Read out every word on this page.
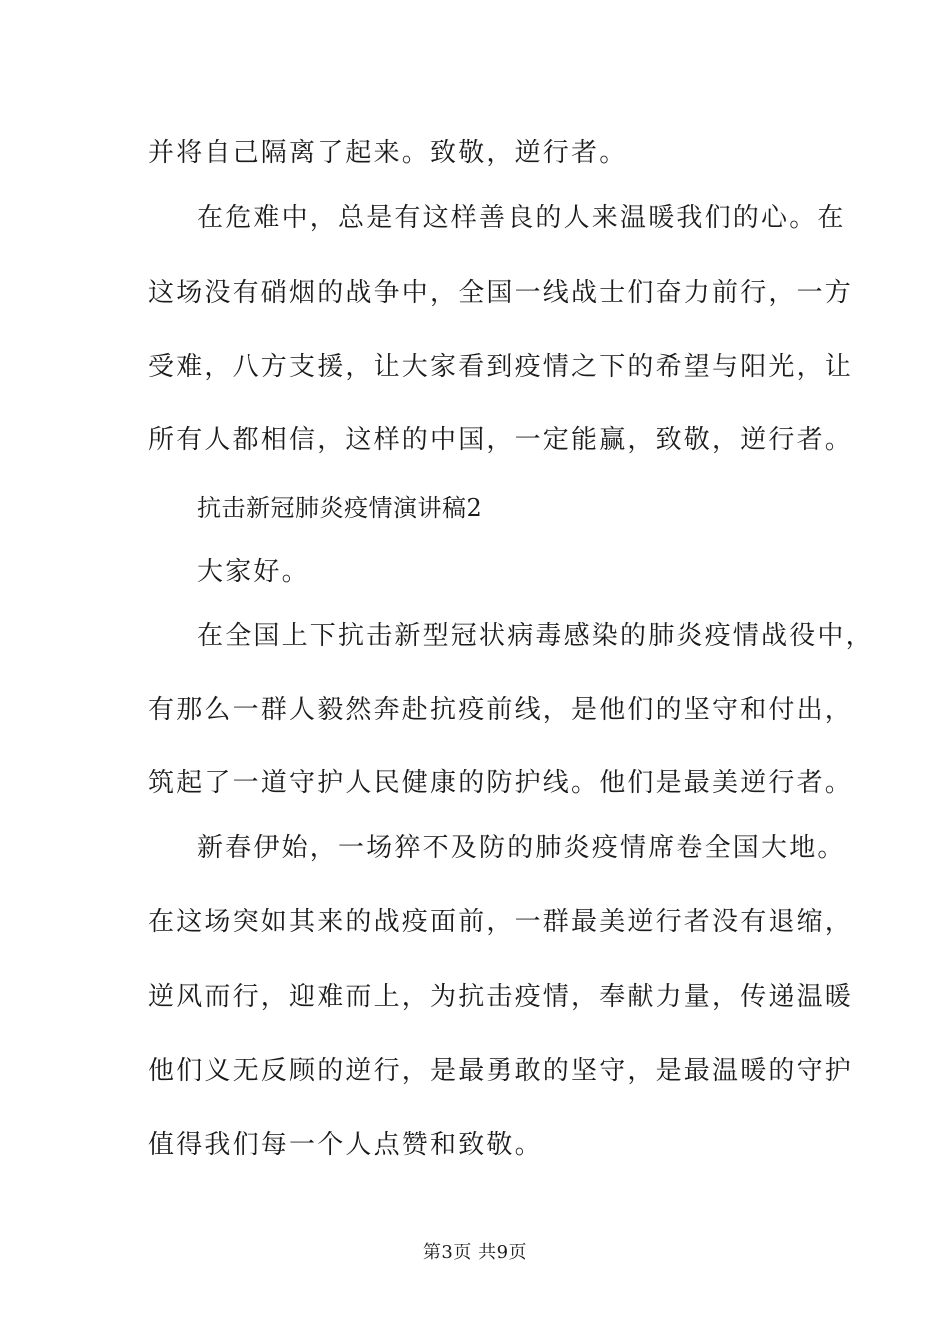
并将自己隔离了起来。致敬，逆行者。
在危难中，总是有这样善良的人来温暖我们的心。在
这场没有硝烟的战争中，全国一线战士们奋力前行，一方
受难，八方支援，让大家看到疫情之下的希望与阳光，让
所有人都相信，这样的中国，一定能赢，致敬，逆行者。
抗击新冠肺炎疫情演讲稿2
大家好。
在全国上下抗击新型冠状病毒感染的肺炎疫情战役中，
有那么一群人毅然奔赴抗疫前线，是他们的坚守和付出，
筑起了一道守护人民健康的防护线。他们是最美逆行者。
新春伊始，一场猝不及防的肺炎疫情席卷全国大地。
在这场突如其来的战疫面前，一群最美逆行者没有退缩，
逆风而行，迎难而上，为抗击疫情，奉献力量，传递温暖
他们义无反顾的逆行，是最勇敢的坚守，是最温暖的守护
值得我们每一个人点赞和致敬。
第3页 共9页
